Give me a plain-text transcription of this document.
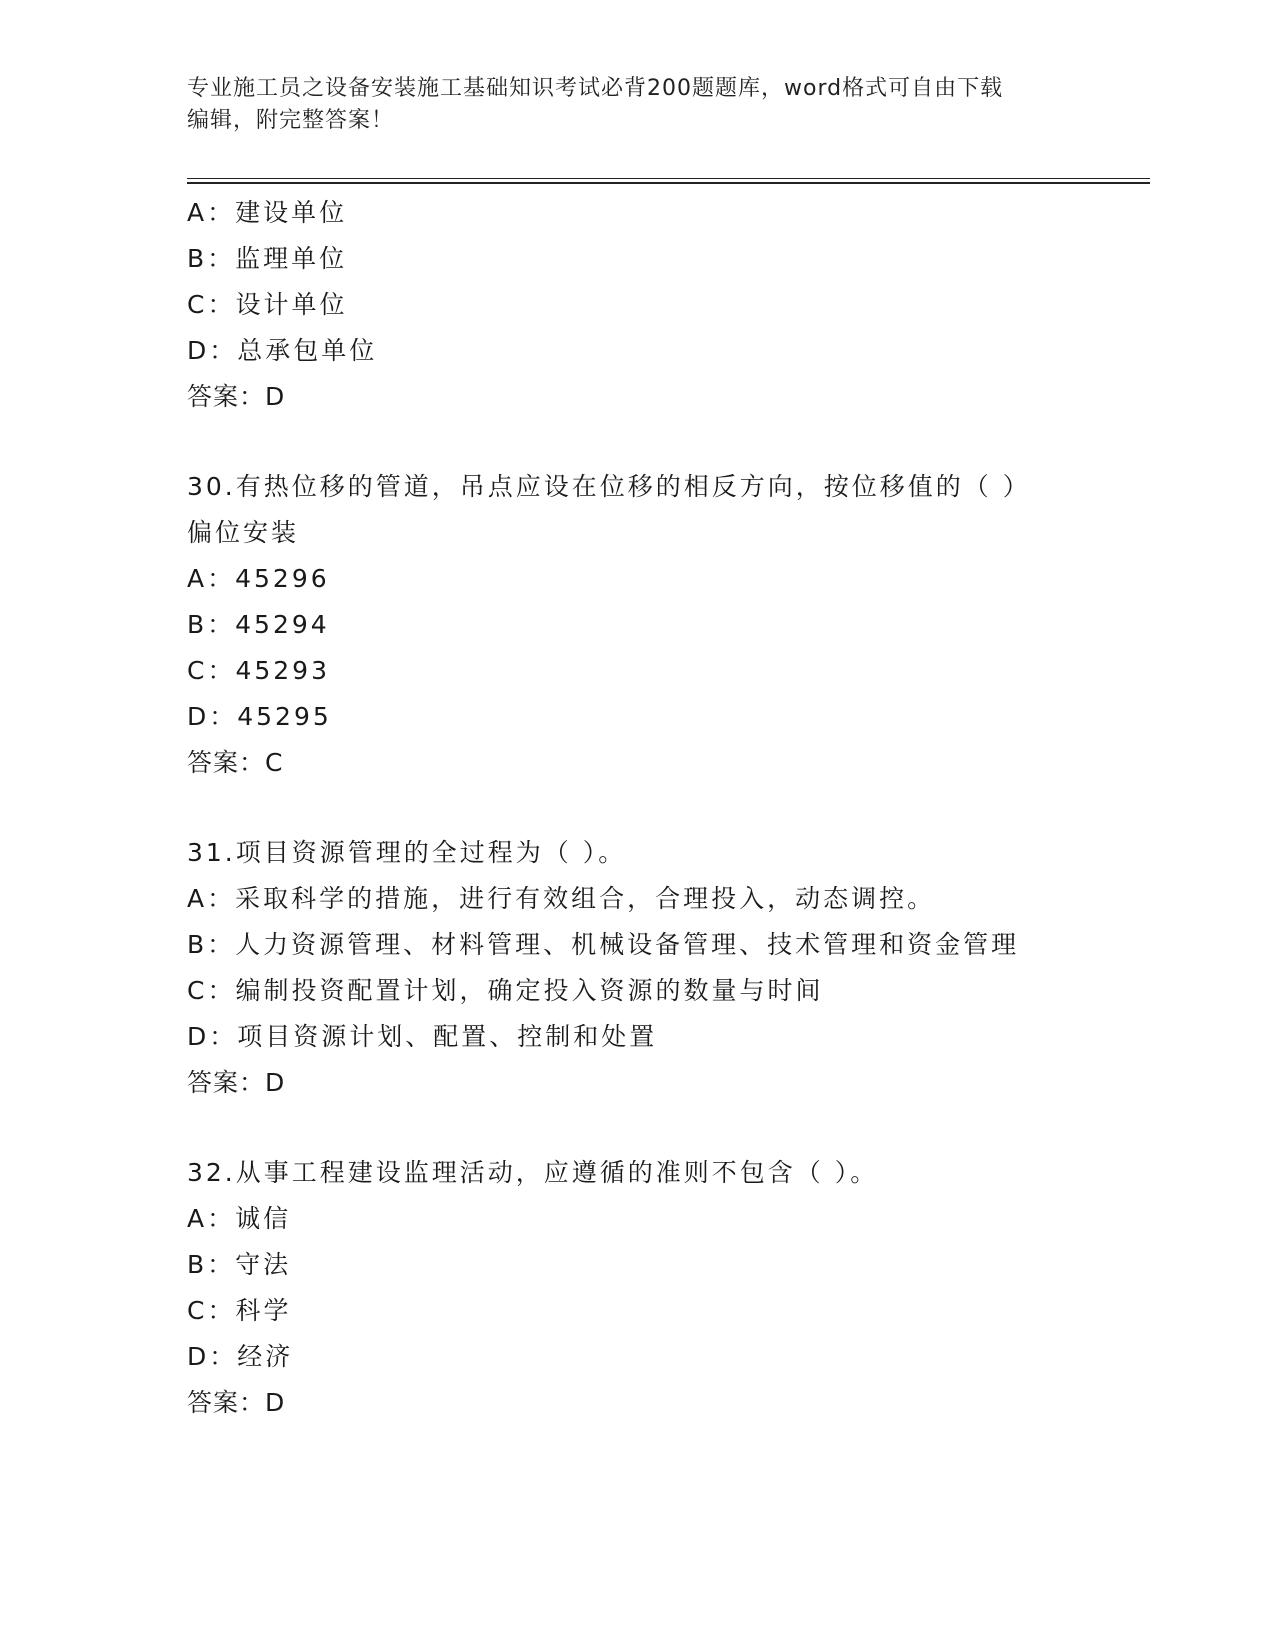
专业施工员之设备安装施工基础知识考试必背200题题库，word格式可自由下载
编辑，附完整答案！
A：建设单位
B：监理单位
C：设计单位
D：总承包单位
答案：D
30.有热位移的管道，吊点应设在位移的相反方向，按位移值的（ ）
偏位安装
A：45296
B：45294
C：45293
D：45295
答案：C
31.项目资源管理的全过程为（ ）。
A：采取科学的措施，进行有效组合，合理投入，动态调控。
B：人力资源管理、材料管理、机械设备管理、技术管理和资金管理
C：编制投资配置计划，确定投入资源的数量与时间
D：项目资源计划、配置、控制和处置
答案：D
32.从事工程建设监理活动，应遵循的准则不包含（ ）。
A：诚信
B：守法
C：科学
D：经济
答案：D
